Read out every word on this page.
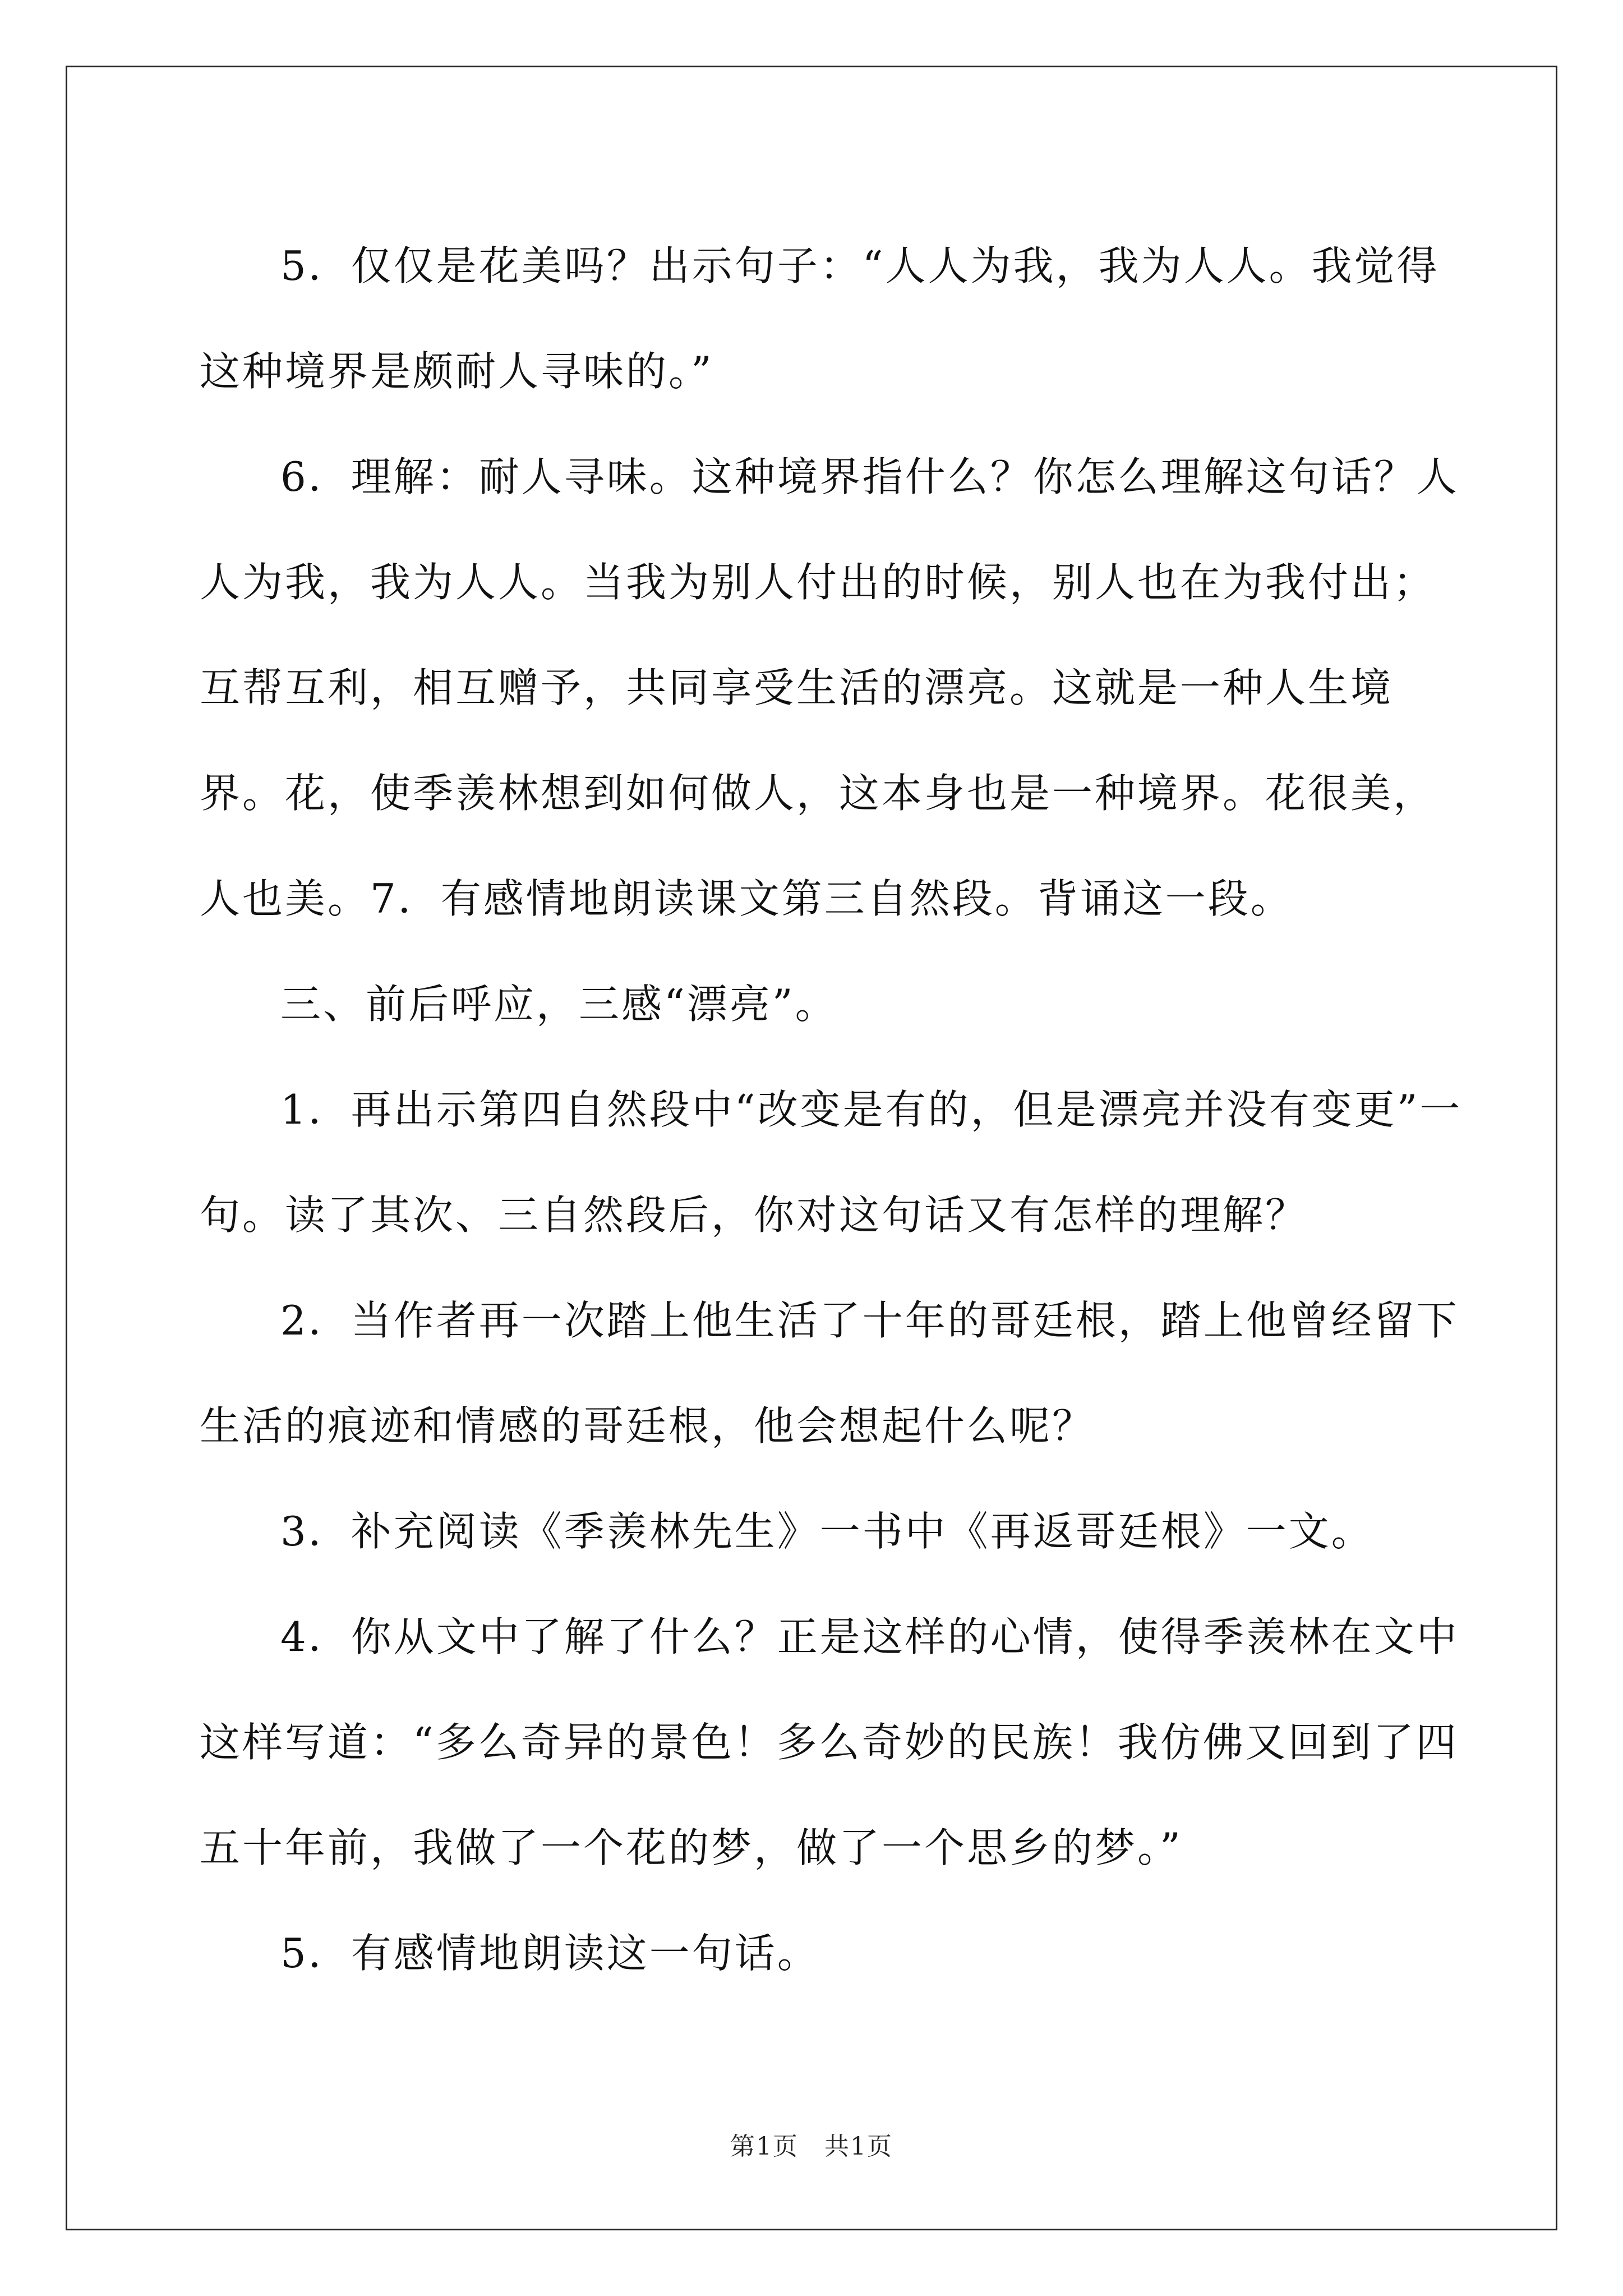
5．仅仅是花美吗？出示句子：“人人为我，我为人人。我觉得这种境界是颇耐人寻味的。”

6．理解：耐人寻味。这种境界指什么？你怎么理解这句话？人人为我，我为人人。当我为别人付出的时候，别人也在为我付出；互帮互利，相互赠予，共同享受生活的漂亮。这就是一种人生境界。花，使季羡林想到如何做人，这本身也是一种境界。花很美，人也美。7．有感情地朗读课文第三自然段。背诵这一段。

三、前后呼应，三感“漂亮”。

1．再出示第四自然段中“改变是有的，但是漂亮并没有变更”一句。读了其次、三自然段后，你对这句话又有怎样的理解？

2．当作者再一次踏上他生活了十年的哥廷根，踏上他曾经留下生活的痕迹和情感的哥廷根，他会想起什么呢？

3．补充阅读《季羡林先生》一书中《再返哥廷根》一文。

4．你从文中了解了什么？正是这样的心情，使得季羡林在文中这样写道：“多么奇异的景色！多么奇妙的民族！我仿佛又回到了四五十年前，我做了一个花的梦，做了一个思乡的梦。”

5．有感情地朗读这一句话。

第1页　共1页
